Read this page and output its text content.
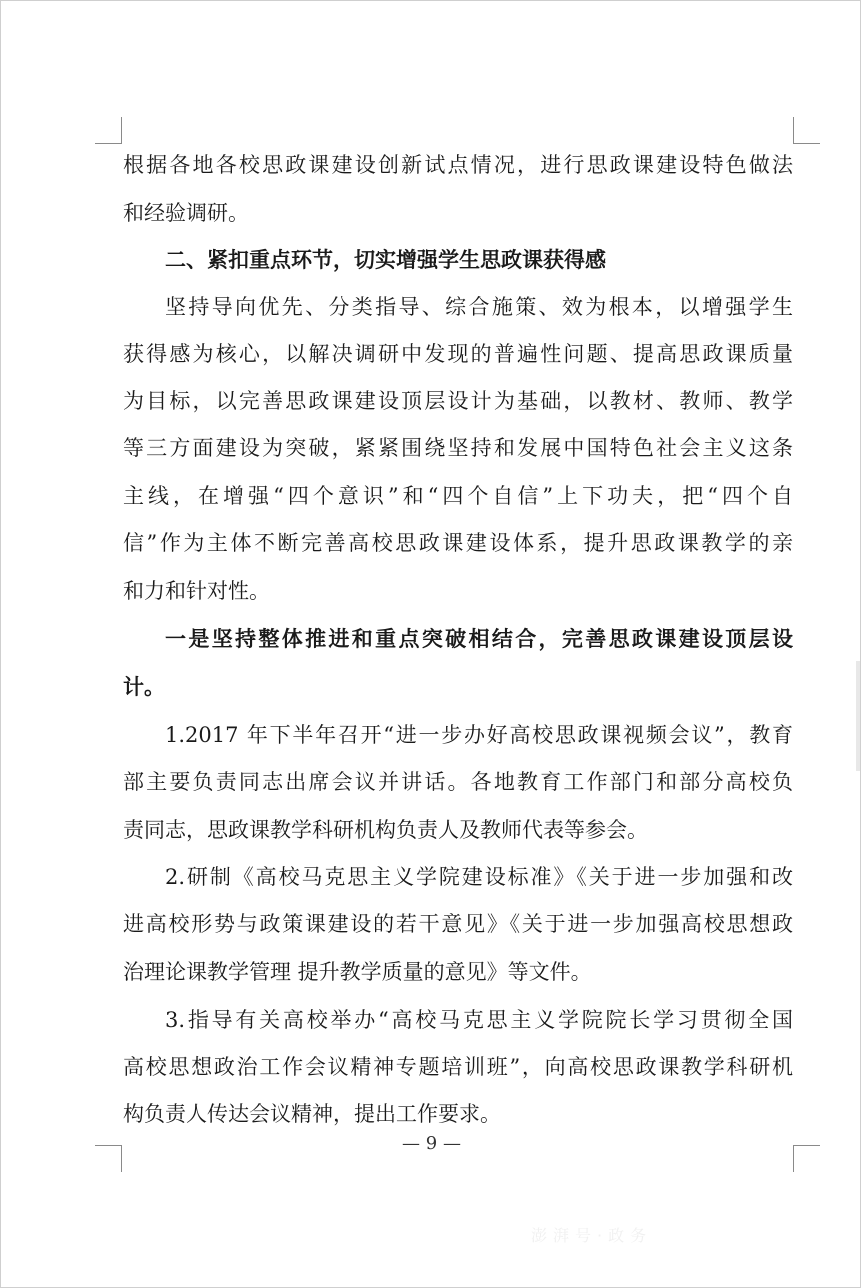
根据各地各校思政课建设创新试点情况，进行思政课建设特色做法
和经验调研。
二、紧扣重点环节，切实增强学生思政课获得感
坚持导向优先、分类指导、综合施策、效为根本，以增强学生
获得感为核心，以解决调研中发现的普遍性问题、提高思政课质量
为目标，以完善思政课建设顶层设计为基础，以教材、教师、教学
等三方面建设为突破，紧紧围绕坚持和发展中国特色社会主义这条
主线，在增强“四个意识”和“四个自信”上下功夫，把“四个自
信”作为主体不断完善高校思政课建设体系，提升思政课教学的亲
和力和针对性。
一是坚持整体推进和重点突破相结合，完善思政课建设顶层设
计。
1.2017 年下半年召开“进一步办好高校思政课视频会议”，教育
部主要负责同志出席会议并讲话。各地教育工作部门和部分高校负
责同志，思政课教学科研机构负责人及教师代表等参会。
2.研制《高校马克思主义学院建设标准》《关于进一步加强和改
进高校形势与政策课建设的若干意见》《关于进一步加强高校思想政
治理论课教学管理 提升教学质量的意见》等文件。
3.指导有关高校举办“高校马克思主义学院院长学习贯彻全国
高校思想政治工作会议精神专题培训班”，向高校思政课教学科研机
构负责人传达会议精神，提出工作要求。
— 9 —
澎湃号·政务
